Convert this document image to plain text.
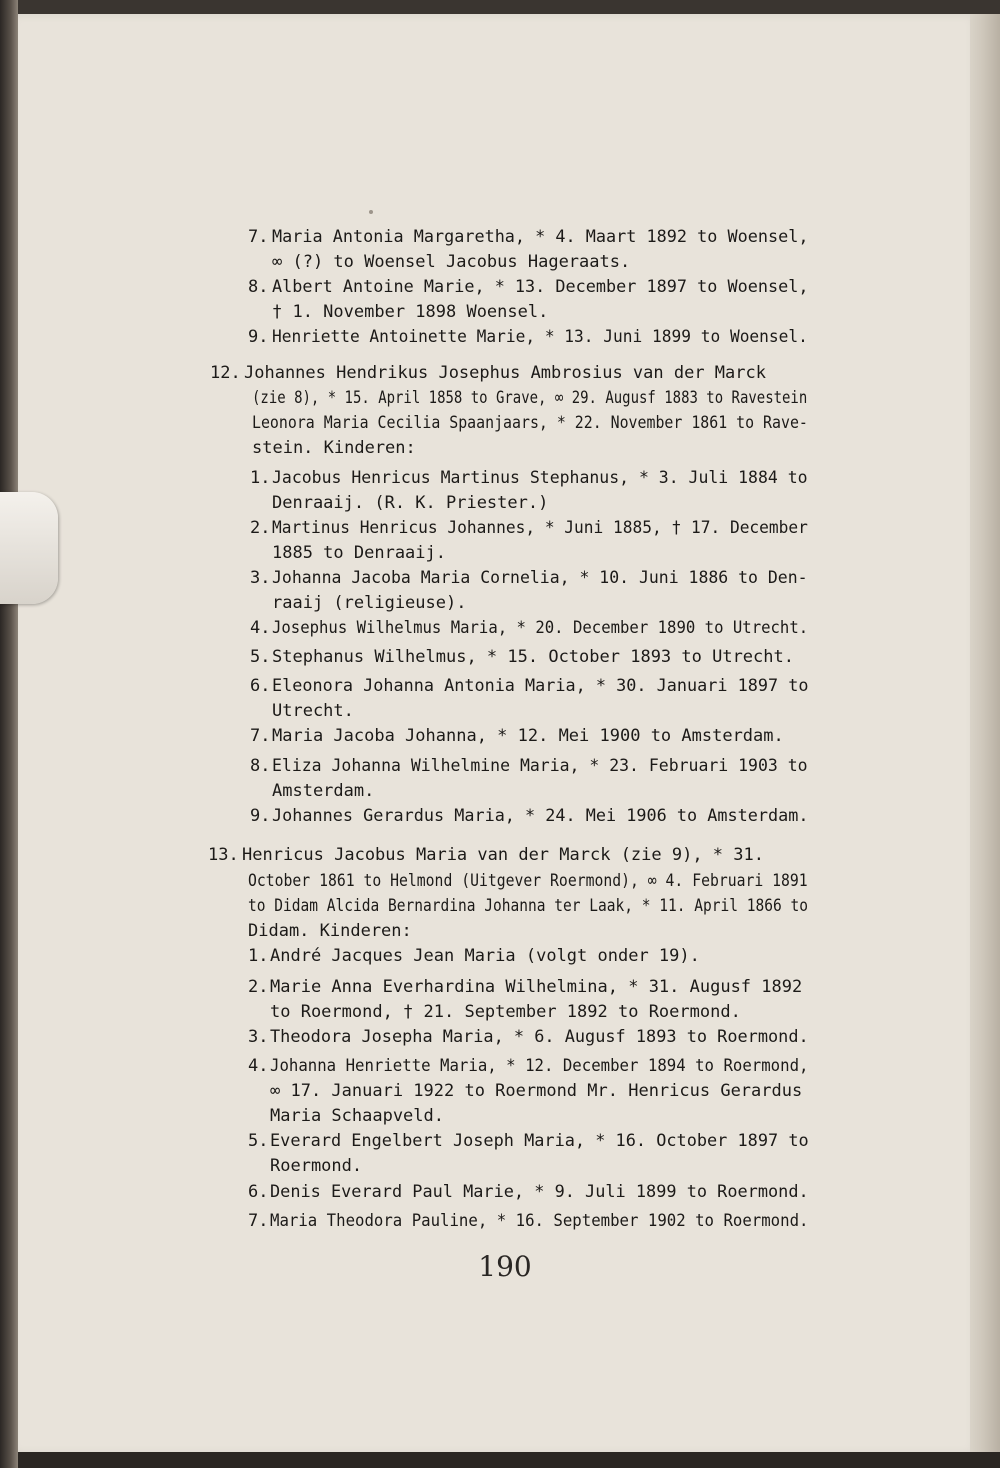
7. Maria Antonia Margaretha, * 4. Maart 1892 to Woensel,
∞ (?) to Woensel Jacobus Hageraats.
8. Albert Antoine Marie, * 13. December 1897 to Woensel,
† 1. November 1898 Woensel.
9. Henriette Antoinette Marie, * 13. Juni 1899 to Woensel.
12. Johannes Hendrikus Josephus Ambrosius van der Marck
(zie 8), * 15. April 1858 to Grave, ∞ 29. Augusf 1883 to Ravestein
Leonora Maria Cecilia Spaanjaars, * 22. November 1861 to Rave-
stein. Kinderen:
1. Jacobus Henricus Martinus Stephanus, * 3. Juli 1884 to
Denraaij. (R. K. Priester.)
2. Martinus Henricus Johannes, * Juni 1885, † 17. December
1885 to Denraaij.
3. Johanna Jacoba Maria Cornelia, * 10. Juni 1886 to Den-
raaij (religieuse).
4. Josephus Wilhelmus Maria, * 20. December 1890 to Utrecht.
5. Stephanus Wilhelmus, * 15. October 1893 to Utrecht.
6. Eleonora Johanna Antonia Maria, * 30. Januari 1897 to
Utrecht.
7. Maria Jacoba Johanna, * 12. Mei 1900 to Amsterdam.
8. Eliza Johanna Wilhelmine Maria, * 23. Februari 1903 to
Amsterdam.
9. Johannes Gerardus Maria, * 24. Mei 1906 to Amsterdam.
13. Henricus Jacobus Maria van der Marck (zie 9), * 31.
October 1861 to Helmond (Uitgever Roermond), ∞ 4. Februari 1891
to Didam Alcida Bernardina Johanna ter Laak, * 11. April 1866 to
Didam. Kinderen:
1. André Jacques Jean Maria (volgt onder 19).
2. Marie Anna Everhardina Wilhelmina, * 31. Augusf 1892
to Roermond, † 21. September 1892 to Roermond.
3. Theodora Josepha Maria, * 6. Augusf 1893 to Roermond.
4. Johanna Henriette Maria, * 12. December 1894 to Roermond,
∞ 17. Januari 1922 to Roermond Mr. Henricus Gerardus
Maria Schaapveld.
5. Everard Engelbert Joseph Maria, * 16. October 1897 to
Roermond.
6. Denis Everard Paul Marie, * 9. Juli 1899 to Roermond.
7. Maria Theodora Pauline, * 16. September 1902 to Roermond.
190
